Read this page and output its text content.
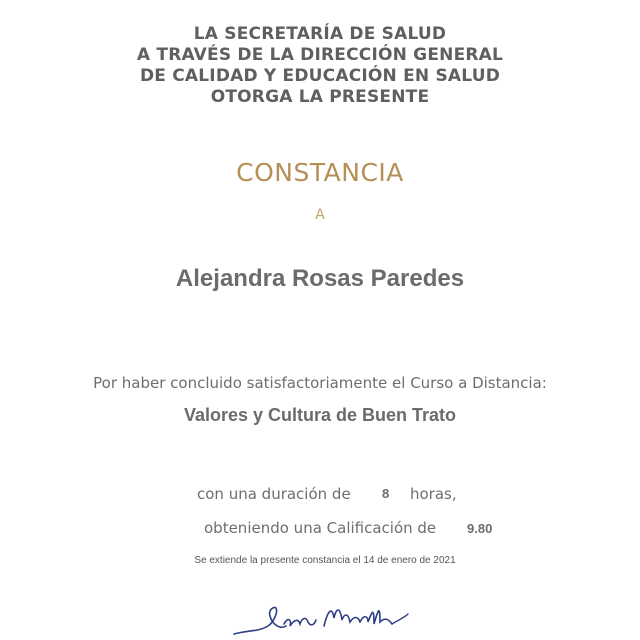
LA SECRETARÍA DE SALUD
A TRAVÉS DE LA DIRECCIÓN GENERAL
DE CALIDAD Y EDUCACIÓN EN SALUD
OTORGA LA PRESENTE
CONSTANCIA
A
Alejandra Rosas Paredes
Por haber concluido satisfactoriamente el Curso a Distancia:
Valores y Cultura de Buen Trato
con una duración de 8 horas,
obteniendo una Calificación de 9.80
Se extiende la presente constancia el 14 de enero de 2021
